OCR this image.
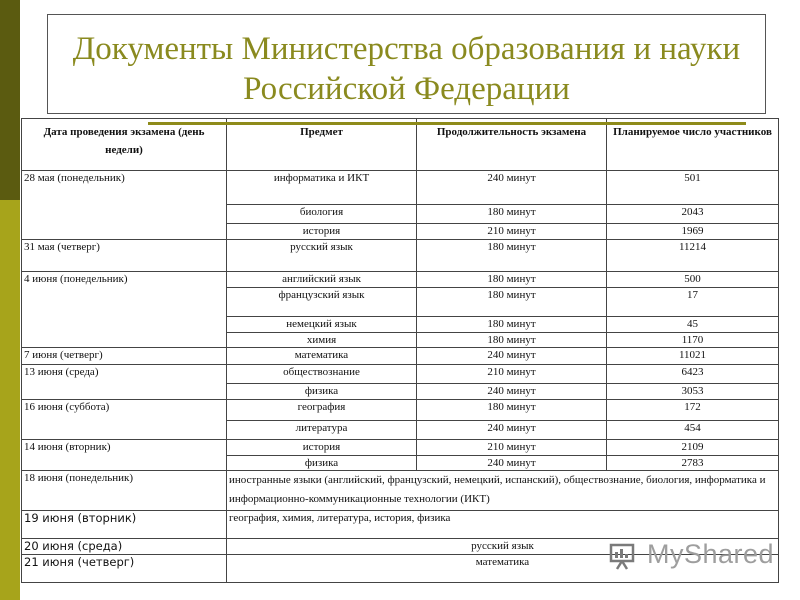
Документы Министерства образования и науки Российской Федерации
Дата проведения экзамена (день недели)	Предмет	Продолжительность экзамена	Планируемое число участников
28 мая (понедельник)	информатика и ИКТ	240 минут	501
	биология	180 минут	2043
	история	210 минут	1969
31 мая (четверг)	русский язык	180 минут	11214
4 июня (понедельник)	английский язык	180 минут	500
	французский язык	180 минут	17
	немецкий язык	180 минут	45
	химия	180 минут	1170
7 июня (четверг)	математика	240 минут	11021
13 июня (среда)	обществознание	210 минут	6423
	физика	240 минут	3053
16 июня (суббота)	география	180 минут	172
	литература	240 минут	454
14 июня (вторник)	история	210 минут	2109
	физика	240 минут	2783
18 июня (понедельник)	иностранные языки (английский, французский, немецкий, испанский), обществознание, биология, информатика и информационно-коммуникационные технологии (ИКТ)		
19 июня (вторник)	география, химия, литература, история, физика		
20 июня (среда)	русский язык		
21 июня (четверг)	математика			MyShared
